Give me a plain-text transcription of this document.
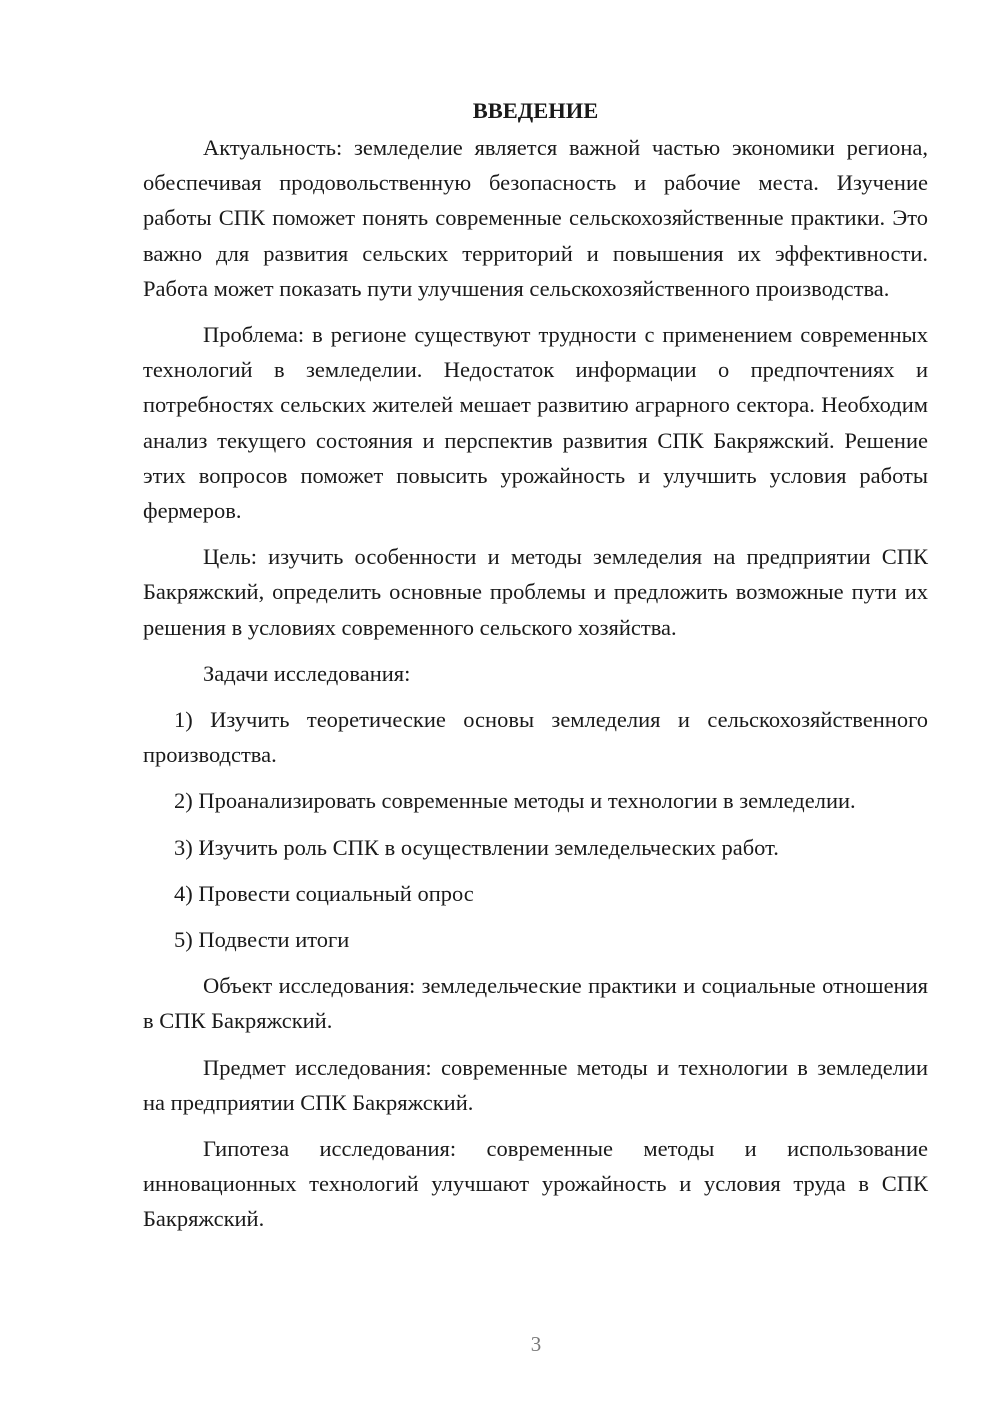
ВВЕДЕНИЕ

Актуальность: земледелие является важной частью экономики региона, обеспечивая продовольственную безопасность и рабочие места. Изучение работы СПК поможет понять современные сельскохозяйственные практики. Это важно для развития сельских территорий и повышения их эффективности. Работа может показать пути улучшения сельскохозяйственного производства.

Проблема: в регионе существуют трудности с применением современных технологий в земледелии. Недостаток информации о предпочтениях и потребностях сельских жителей мешает развитию аграрного сектора. Необходим анализ текущего состояния и перспектив развития СПК Бакряжский. Решение этих вопросов поможет повысить урожайность и улучшить условия работы фермеров.

Цель: изучить особенности и методы земледелия на предприятии СПК Бакряжский, определить основные проблемы и предложить возможные пути их решения в условиях современного сельского хозяйства.

Задачи исследования:

1) Изучить теоретические основы земледелия и сельскохозяйственного производства.

2) Проанализировать современные методы и технологии в земледелии.

3) Изучить роль СПК в осуществлении земледельческих работ.

4) Провести социальный опрос

5) Подвести итоги

Объект исследования: земледельческие практики и социальные отношения в СПК Бакряжский.

Предмет исследования: современные методы и технологии в земледелии на предприятии СПК Бакряжский.

Гипотеза исследования: современные методы и использование инновационных технологий улучшают урожайность и условия труда в СПК Бакряжский.

3
